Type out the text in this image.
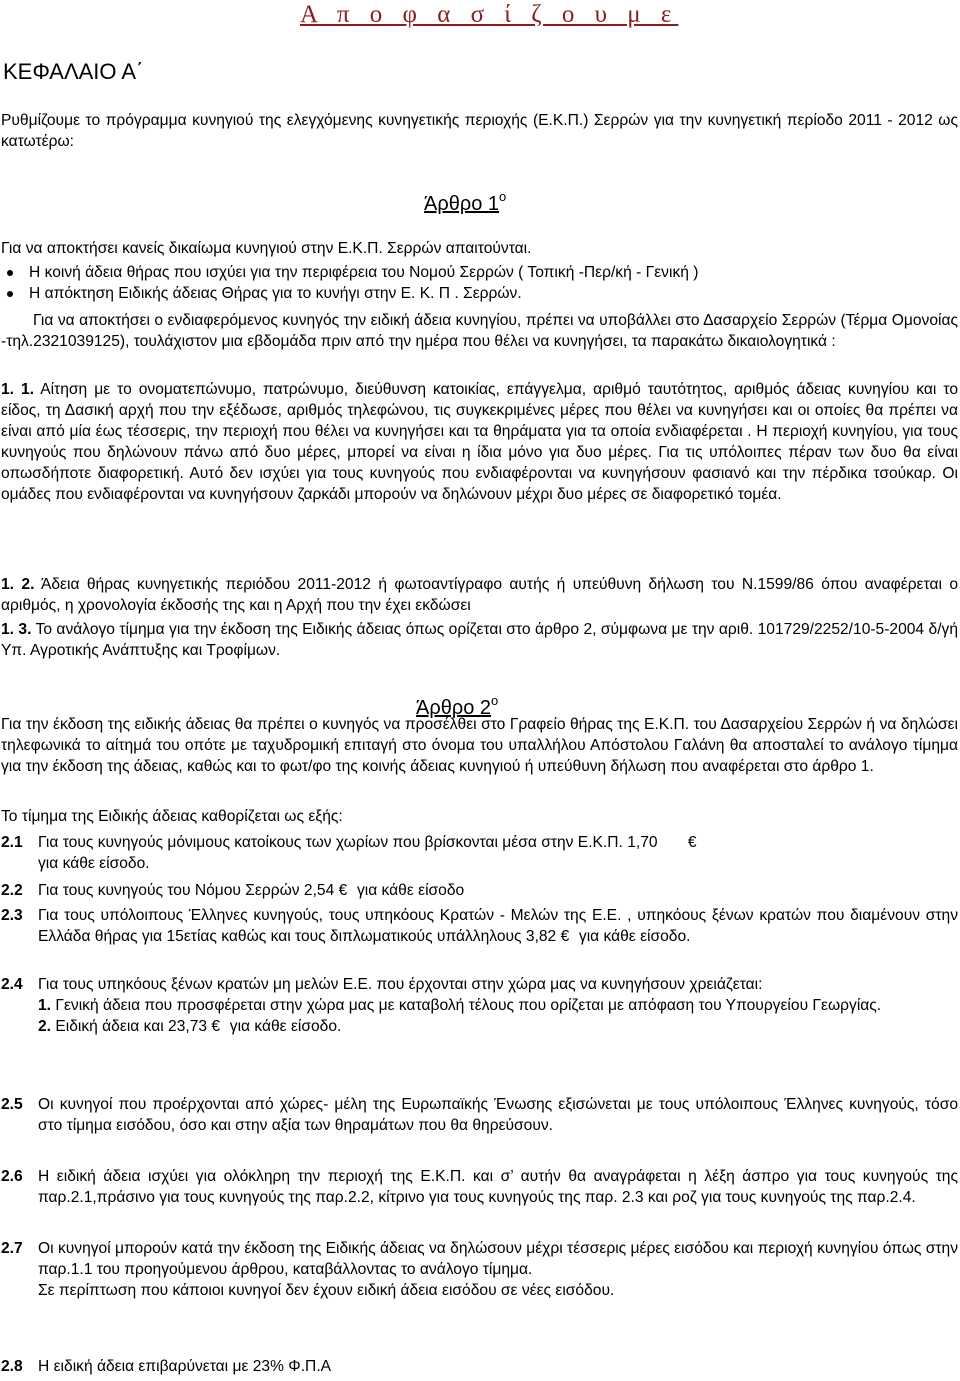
Α π ο φ α σ ί ζ ο υ μ ε
ΚΕΦΑΛΑΙΟ Α΄
Ρυθμίζουμε το πρόγραμμα κυνηγιού της ελεγχόμενης κυνηγετικής περιοχής (Ε.Κ.Π.) Σερρών για την κυνηγετική περίοδο 2011 - 2012 ως κατωτέρω:
Άρθρο $1^o$
Για να αποκτήσει κανείς δικαίωμα κυνηγιού στην Ε.Κ.Π. Σερρών απαιτούνται.
Η κοινή άδεια θήρας που ισχύει για την περιφέρεια του Νομού Σερρών ( Τοπική -Περ/κή - Γενική )
Η απόκτηση Ειδικής άδειας Θήρας για το κυνήγι στην Ε. Κ. Π . Σερρών.
Για να αποκτήσει ο ενδιαφερόμενος κυνηγός την ειδική άδεια κυνηγίου, πρέπει να υποβάλλει στο Δασαρχείο Σερρών (Τέρμα Ομονοίας -τηλ.2321039125), τουλάχιστον μια εβδομάδα πριν από την ημέρα που θέλει να κυνηγήσει, τα παρακάτω δικαιολογητικά :
1. 1. Αίτηση με το ονοματεπώνυμο, πατρώνυμο, διεύθυνση κατοικίας, επάγγελμα, αριθμό ταυτότητος, αριθμός άδειας κυνηγίου και το είδος, τη Δασική αρχή που την εξέδωσε, αριθμός τηλεφώνου, τις συγκεκριμένες μέρες που θέλει να κυνηγήσει και οι οποίες θα πρέπει να είναι από μία έως τέσσερις, την περιοχή που θέλει να κυνηγήσει και τα θηράματα για τα οποία ενδιαφέρεται . Η περιοχή κυνηγίου, για τους κυνηγούς που δηλώνουν πάνω από δυο μέρες, μπορεί να είναι η ίδια μόνο για δυο μέρες. Για τις υπόλοιπες πέραν των δυο θα είναι οπωσδήποτε διαφορετική. Αυτό δεν ισχύει για τους κυνηγούς που ενδιαφέρονται να κυνηγήσουν φασιανό και την πέρδικα τσούκαρ. Οι ομάδες που ενδιαφέρονται να κυνηγήσουν ζαρκάδι μπορούν να δηλώνουν μέχρι δυο μέρες σε διαφορετικό τομέα.
1. 2. Άδεια θήρας κυνηγετικής περιόδου 2011-2012 ή φωτοαντίγραφο αυτής ή υπεύθυνη δήλωση του Ν.1599/86 όπου αναφέρεται ο αριθμός, η χρονολογία έκδοσής της και η Αρχή που την έχει εκδώσει
1. 3. Το ανάλογο τίμημα για την έκδοση της Ειδικής άδειας όπως ορίζεται στο άρθρο 2, σύμφωνα με την αριθ. 101729/2252/10-5-2004 δ/γή Υπ. Αγροτικής Ανάπτυξης και Τροφίμων.
Άρθρο $2^o$
Για την έκδοση της ειδικής άδειας θα πρέπει ο κυνηγός να προσέλθει στο Γραφείο θήρας της Ε.Κ.Π. του Δασαρχείου Σερρών ή να δηλώσει τηλεφωνικά το αίτημά του οπότε με ταχυδρομική επιταγή στο όνομα του υπαλλήλου Απόστολου Γαλάνη θα αποσταλεί το ανάλογο τίμημα για την έκδοση της άδειας, καθώς και το φωτ/φο της κοινής άδειας κυνηγιού ή υπεύθυνη δήλωση που αναφέρεται στο άρθρο 1.
Το τίμημα της Ειδικής άδειας καθορίζεται ως εξής:
2.1 Για τους κυνηγούς μόνιμους κατοίκους των χωρίων που βρίσκονται μέσα στην Ε.Κ.Π. 1,70 €
για κάθε είσοδο.
2.2 Για τους κυνηγούς του Νόμου Σερρών 2,54 € για κάθε είσοδο
2.3 Για τους υπόλοιπους Έλληνες κυνηγούς, τους υπηκόους Κρατών - Μελών της Ε.Ε. , υπηκόους ξένων κρατών που διαμένουν στην Ελλάδα θήρας για 15ετίας καθώς και τους διπλωματικούς υπάλληλους 3,82 € για κάθε είσοδο.
2.4 Για τους υπηκόους ξένων κρατών μη μελών Ε.Ε. που έρχονται στην χώρα μας να κυνηγήσουν χρειάζεται:
1. Γενική άδεια που προσφέρεται στην χώρα μας με καταβολή τέλους που ορίζεται με απόφαση του Υπουργείου Γεωργίας.
2. Ειδική άδεια και 23,73 € για κάθε είσοδο.
2.5 Οι κυνηγοί που προέρχονται από χώρες- μέλη της Ευρωπαϊκής Ένωσης εξισώνεται με τους υπόλοιπους Έλληνες κυνηγούς, τόσο στο τίμημα εισόδου, όσο και στην αξία των θηραμάτων που θα θηρεύσουν.
2.6 Η ειδική άδεια ισχύει για ολόκληρη την περιοχή της Ε.Κ.Π. και σ’ αυτήν θα αναγράφεται η λέξη άσπρο για τους κυνηγούς της παρ.2.1,πράσινο για τους κυνηγούς της παρ.2.2, κίτρινο για τους κυνηγούς της παρ. 2.3 και ροζ για τους κυνηγούς της παρ.2.4.
2.7 Οι κυνηγοί μπορούν κατά την έκδοση της Ειδικής άδειας να δηλώσουν μέχρι τέσσερις μέρες εισόδου και περιοχή κυνηγίου όπως στην παρ.1.1 του προηγούμενου άρθρου, καταβάλλοντας το ανάλογο τίμημα.
Σε περίπτωση που κάποιοι κυνηγοί δεν έχουν ειδική άδεια εισόδου σε νέες εισόδου.
2.8 Η ειδική άδεια επιβαρύνεται με 23% Φ.Π.Α
